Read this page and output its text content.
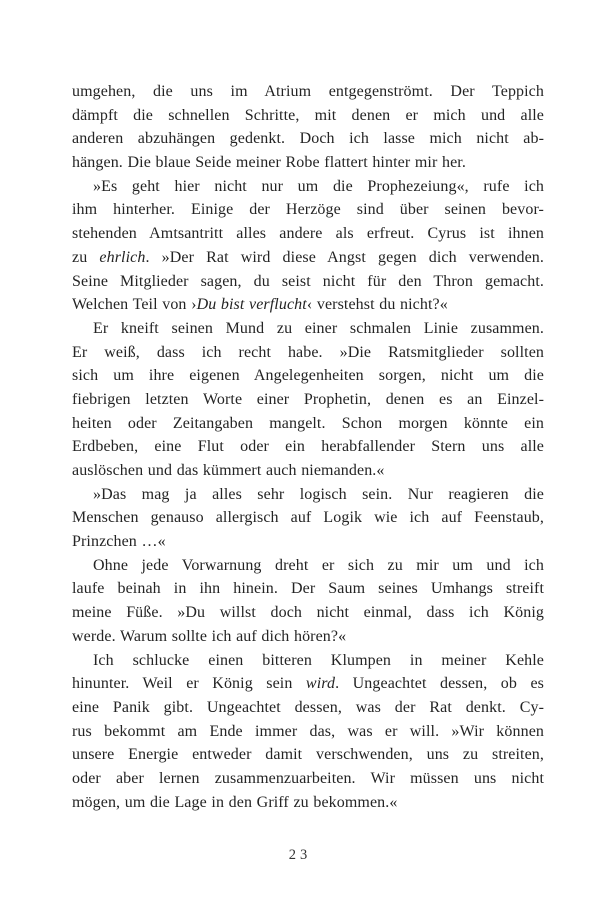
umgehen, die uns im Atrium entgegenströmt. Der Teppich
dämpft die schnellen Schritte, mit denen er mich und alle
anderen abzuhängen gedenkt. Doch ich lasse mich nicht ab-
hängen. Die blaue Seide meiner Robe flattert hinter mir her.
»Es geht hier nicht nur um die Prophezeiung«, rufe ich
ihm hinterher. Einige der Herzöge sind über seinen bevor-
stehenden Amtsantritt alles andere als erfreut. Cyrus ist ihnen
zu ehrlich. »Der Rat wird diese Angst gegen dich verwenden.
Seine Mitglieder sagen, du seist nicht für den Thron gemacht.
Welchen Teil von ›Du bist verflucht‹ verstehst du nicht?«
Er kneift seinen Mund zu einer schmalen Linie zusammen.
Er weiß, dass ich recht habe. »Die Ratsmitglieder sollten
sich um ihre eigenen Angelegenheiten sorgen, nicht um die
fiebrigen letzten Worte einer Prophetin, denen es an Einzel-
heiten oder Zeitangaben mangelt. Schon morgen könnte ein
Erdbeben, eine Flut oder ein herabfallender Stern uns alle
auslöschen und das kümmert auch niemanden.«
»Das mag ja alles sehr logisch sein. Nur reagieren die
Menschen genauso allergisch auf Logik wie ich auf Feenstaub,
Prinzchen …«
Ohne jede Vorwarnung dreht er sich zu mir um und ich
laufe beinah in ihn hinein. Der Saum seines Umhangs streift
meine Füße. »Du willst doch nicht einmal, dass ich König
werde. Warum sollte ich auf dich hören?«
Ich schlucke einen bitteren Klumpen in meiner Kehle
hinunter. Weil er König sein wird. Ungeachtet dessen, ob es
eine Panik gibt. Ungeachtet dessen, was der Rat denkt. Cy-
rus bekommt am Ende immer das, was er will. »Wir können
unsere Energie entweder damit verschwenden, uns zu streiten,
oder aber lernen zusammenzuarbeiten. Wir müssen uns nicht
mögen, um die Lage in den Griff zu bekommen.«
23
